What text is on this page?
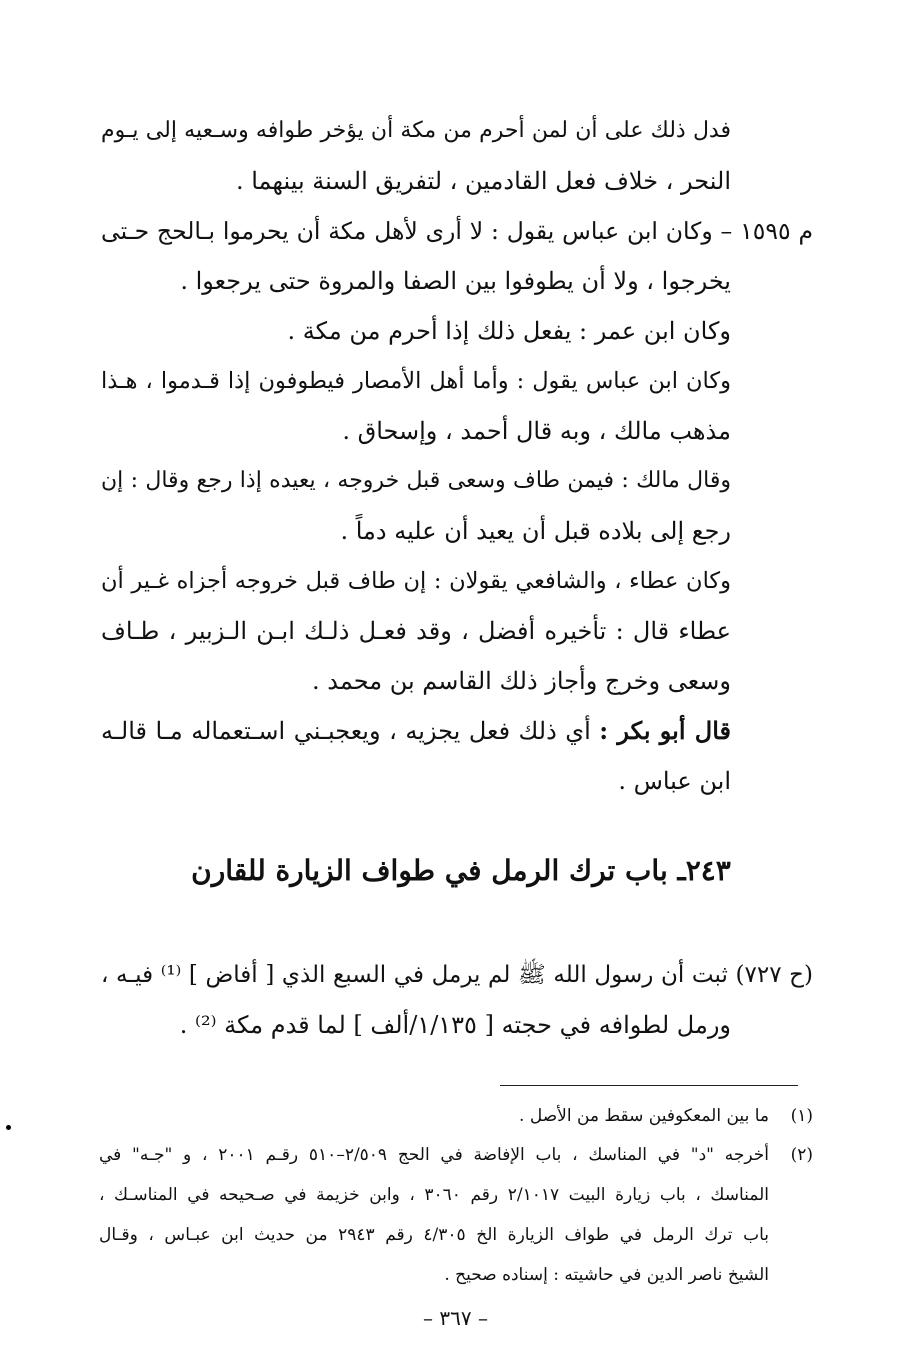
فدل ذلك على أن لمن أحرم من مكة أن يؤخر طوافه وسـعيه إلى يـوم
النحر ، خلاف فعل القادمين ، لتفريق السنة بينهما .
م ١٥٩٥ – وكان ابن عباس يقول : لا أرى لأهل مكة أن يحرموا بـالحج حـتى
يخرجوا ، ولا أن يطوفوا بين الصفا والمروة حتى يرجعوا .
وكان ابن عمر : يفعل ذلك إذا أحرم من مكة .
وكان ابن عباس يقول : وأما أهل الأمصار فيطوفون إذا قـدموا ، هـذا
مذهب مالك ، وبه قال أحمد ، وإسحاق .
وقال مالك : فيمن طاف وسعى قبل خروجه ، يعيده إذا رجع وقال : إن
رجع إلى بلاده قبل أن يعيد أن عليه دماً .
وكان عطاء ، والشافعي يقولان : إن طاف قبل خروجه أجزاه غـير أن
عطاء قال : تأخيره أفضل ، وقد فعـل ذلـك ابـن الـزبير ، طـاف
وسعى وخرج وأجاز ذلك القاسم بن محمد .
قال أبو بكر : أي ذلك فعل يجزيه ، ويعجبـني اسـتعماله مـا قالـه
ابن عباس .
٢٤٣ـ باب ترك الرمل في طواف الزيارة للقارن
(ح ٧٢٧) ثبت أن رسول الله ﷺ لم يرمل في السبع الذي [ أفاض ] ⁽¹⁾ فيـه ،
ورمل لطوافه في حجته [ ١/١٣٥/ألف ] لما قدم مكة ⁽²⁾ .
(١)ما بين المعكوفين سقط من الأصل .
(٢)أخرجه "د" في المناسك ، باب الإفاضة في الحج ٢/٥٠٩–٥١٠ رقـم ٢٠٠١ ، و "جـه" في
المناسك ، باب زيارة البيت ٢/١٠١٧ رقم ٣٠٦٠ ، وابن خزيمة في صـحيحه في المناسـك ،
باب ترك الرمل في طواف الزيارة الخ ٤/٣٠٥ رقم ٢٩٤٣ من حديث ابن عبـاس ، وقـال
الشيخ ناصر الدين في حاشيته : إسناده صحيح .
– ٣٦٧ –
